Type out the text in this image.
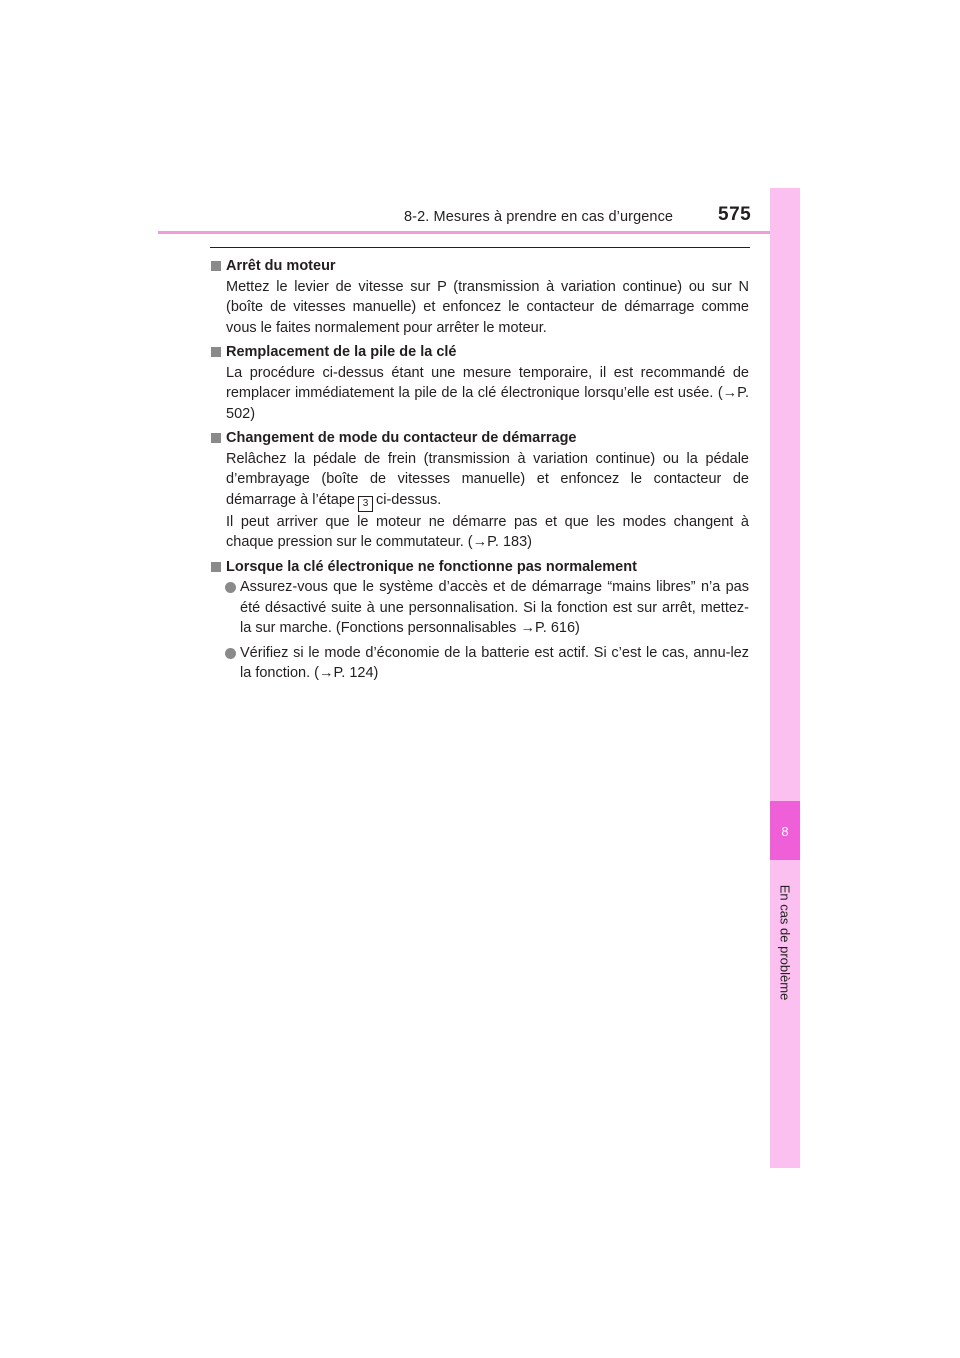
8-2. Mesures à prendre en cas d’urgence 575
8
En cas de problème
Arrêt du moteur
Mettez le levier de vitesse sur P (transmission à variation continue) ou sur N (boîte de vitesses manuelle) et enfoncez le contacteur de démarrage comme vous le faites normalement pour arrêter le moteur.
Remplacement de la pile de la clé
La procédure ci-dessus étant une mesure temporaire, il est recommandé de remplacer immédiatement la pile de la clé électronique lorsqu’elle est usée. (→P. 502)
Changement de mode du contacteur de démarrage
Relâchez la pédale de frein (transmission à variation continue) ou la pédale d’embrayage (boîte de vitesses manuelle) et enfoncez le contacteur de démarrage à l’étape 3 ci-dessus.
Il peut arriver que le moteur ne démarre pas et que les modes changent à chaque pression sur le commutateur. (→P. 183)
Lorsque la clé électronique ne fonctionne pas normalement
Assurez-vous que le système d’accès et de démarrage “mains libres” n’a pas été désactivé suite à une personnalisation. Si la fonction est sur arrêt, mettez-la sur marche. (Fonctions personnalisables →P. 616)
Vérifiez si le mode d’économie de la batterie est actif. Si c’est le cas, annu-lez la fonction. (→P. 124)
